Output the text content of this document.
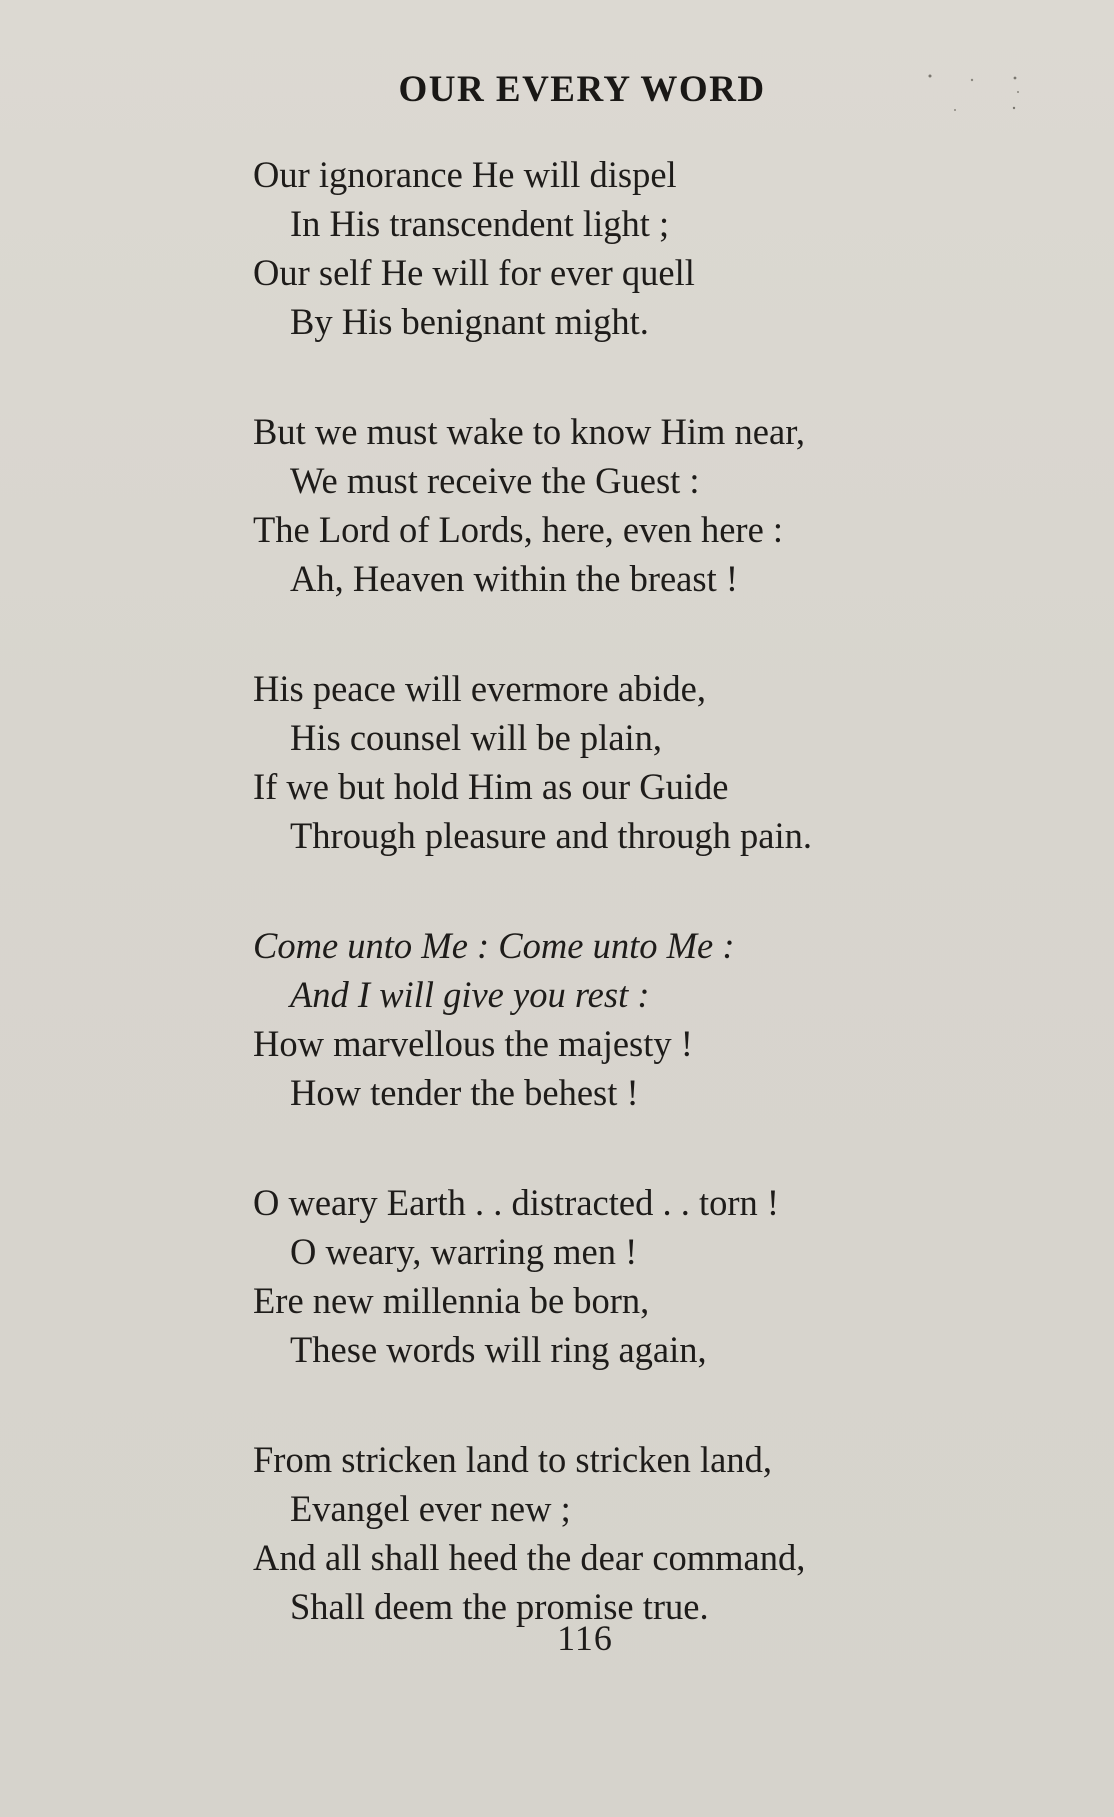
OUR EVERY WORD
Our ignorance He will dispel
In His transcendent light ;
Our self He will for ever quell
By His benignant might.
But we must wake to know Him near,
We must receive the Guest :
The Lord of Lords, here, even here :
Ah, Heaven within the breast !
His peace will evermore abide,
His counsel will be plain,
If we but hold Him as our Guide
Through pleasure and through pain.
Come unto Me : Come unto Me :
And I will give you rest :
How marvellous the majesty !
How tender the behest !
O weary Earth . . distracted . . torn !
O weary, warring men !
Ere new millennia be born,
These words will ring again,
From stricken land to stricken land,
Evangel ever new ;
And all shall heed the dear command,
Shall deem the promise true.
116
